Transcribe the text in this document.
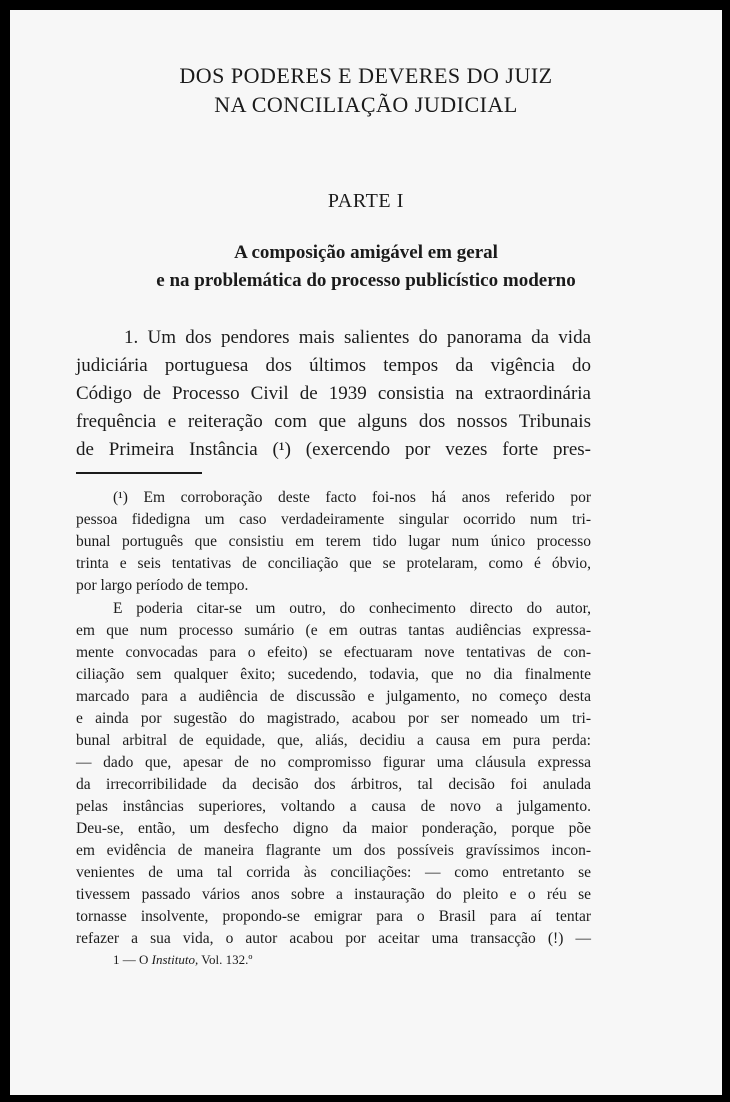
DOS PODERES E DEVERES DO JUIZ
NA CONCILIAÇÃO JUDICIAL
PARTE I
A composição amigável em geral
e na problemática do processo publicístico moderno
1. Um dos pendores mais salientes do panorama da vida
judiciária portuguesa dos últimos tempos da vigência do
Código de Processo Civil de 1939 consistia na extraordinária
frequência e reiteração com que alguns dos nossos Tribunais
de Primeira Instância (¹) (exercendo por vezes forte pres-
(¹) Em corroboração deste facto foi-nos há anos referido por
pessoa fidedigna um caso verdadeiramente singular ocorrido num tri-
bunal português que consistiu em terem tido lugar num único processo
trinta e seis tentativas de conciliação que se protelaram, como é óbvio,
por largo período de tempo.
E poderia citar-se um outro, do conhecimento directo do autor,
em que num processo sumário (e em outras tantas audiências expressa-
mente convocadas para o efeito) se efectuaram nove tentativas de con-
ciliação sem qualquer êxito; sucedendo, todavia, que no dia finalmente
marcado para a audiência de discussão e julgamento, no começo desta
e ainda por sugestão do magistrado, acabou por ser nomeado um tri-
bunal arbitral de equidade, que, aliás, decidiu a causa em pura perda:
— dado que, apesar de no compromisso figurar uma cláusula expressa
da irrecorribilidade da decisão dos árbitros, tal decisão foi anulada
pelas instâncias superiores, voltando a causa de novo a julgamento.
Deu-se, então, um desfecho digno da maior ponderação, porque põe
em evidência de maneira flagrante um dos possíveis gravíssimos incon-
venientes de uma tal corrida às conciliações: — como entretanto se
tivessem passado vários anos sobre a instauração do pleito e o réu se
tornasse insolvente, propondo-se emigrar para o Brasil para aí tentar
refazer a sua vida, o autor acabou por aceitar uma transacção (!) —
1 — O Instituto, Vol. 132.º
